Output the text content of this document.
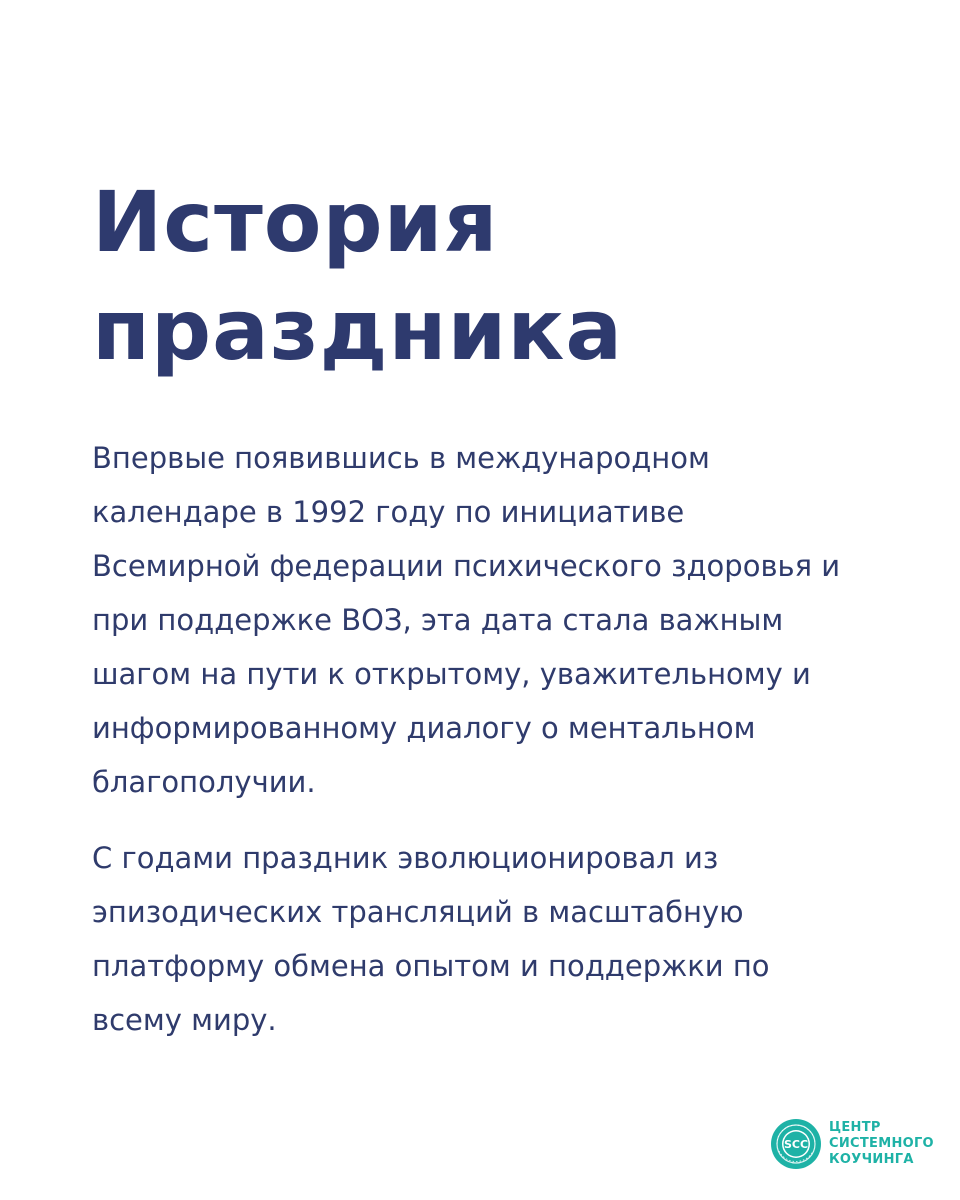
История
праздника

Впервые появившись в международном
календаре в 1992 году по инициативе
Всемирной федерации психического здоровья и
при поддержке ВОЗ, эта дата стала важным
шагом на пути к открытому, уважительному и
информированному диалогу о ментальном
благополучии.

С годами праздник эволюционировал из
эпизодических трансляций в масштабную
платформу обмена опытом и поддержки по
всему миру.

SCC
ЦЕНТР
СИСТЕМНОГО
КОУЧИНГА
